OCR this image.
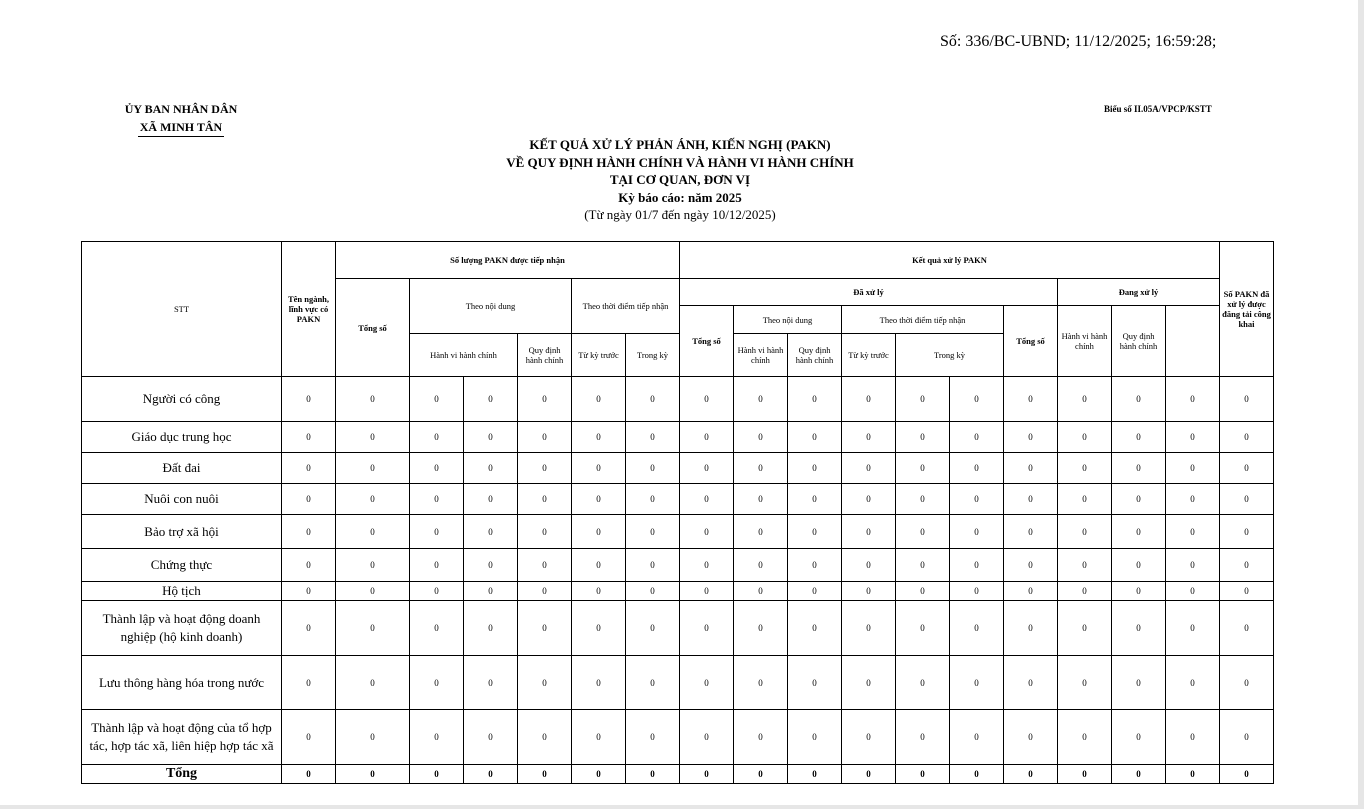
Số: 336/BC-UBND; 11/12/2025; 16:59:28;
ỦY BAN NHÂN DÂN
XÃ MINH TÂN
Biểu số II.05A/VPCP/KSTT
KẾT QUẢ XỬ LÝ PHẢN ÁNH, KIẾN NGHỊ (PAKN)
VỀ QUY ĐỊNH HÀNH CHÍNH VÀ HÀNH VI HÀNH CHÍNH
TẠI CƠ QUAN, ĐƠN VỊ
Kỳ báo cáo: năm 2025
(Từ ngày 01/7 đến ngày 10/12/2025)
STT	Tên ngành, lĩnh vực có PAKN	Số lượng PAKN được tiếp nhận						Kết quả xử lý PAKN										Số PAKN đã xử lý được đăng tải công khai
		Tổng số	Theo nội dung			Theo thời điểm tiếp nhận		Đã xử lý							Đang xử lý			
								Tổng số	Theo nội dung		Theo thời điểm tiếp nhận			Tổng số	Hành vi hành chính	Quy định hành chính		
			Hành vi hành chính		Quy định hành chính	Từ kỳ trước	Trong kỳ		Hành vi hành chính	Quy định hành chính	Từ kỳ trước	Trong kỳ						
Người có công	0	0	0	0	0	0	0	0	0	0	0	0	0	0	0	0	0	0
Giáo dục trung học	0	0	0	0	0	0	0	0	0	0	0	0	0	0	0	0	0	0
Đất đai	0	0	0	0	0	0	0	0	0	0	0	0	0	0	0	0	0	0
Nuôi con nuôi	0	0	0	0	0	0	0	0	0	0	0	0	0	0	0	0	0	0
Bảo trợ xã hội	0	0	0	0	0	0	0	0	0	0	0	0	0	0	0	0	0	0
Chứng thực	0	0	0	0	0	0	0	0	0	0	0	0	0	0	0	0	0	0
Hộ tịch	0	0	0	0	0	0	0	0	0	0	0	0	0	0	0	0	0	0
Thành lập và hoạt động doanh nghiệp (hộ kinh doanh)	0	0	0	0	0	0	0	0	0	0	0	0	0	0	0	0	0	0
Lưu thông hàng hóa trong nước	0	0	0	0	0	0	0	0	0	0	0	0	0	0	0	0	0	0
Thành lập và hoạt động của tổ hợp tác, hợp tác xã, liên hiệp hợp tác xã	0	0	0	0	0	0	0	0	0	0	0	0	0	0	0	0	0	0
Tổng	0	0	0	0	0	0	0	0	0	0	0	0	0	0	0	0	0	0
